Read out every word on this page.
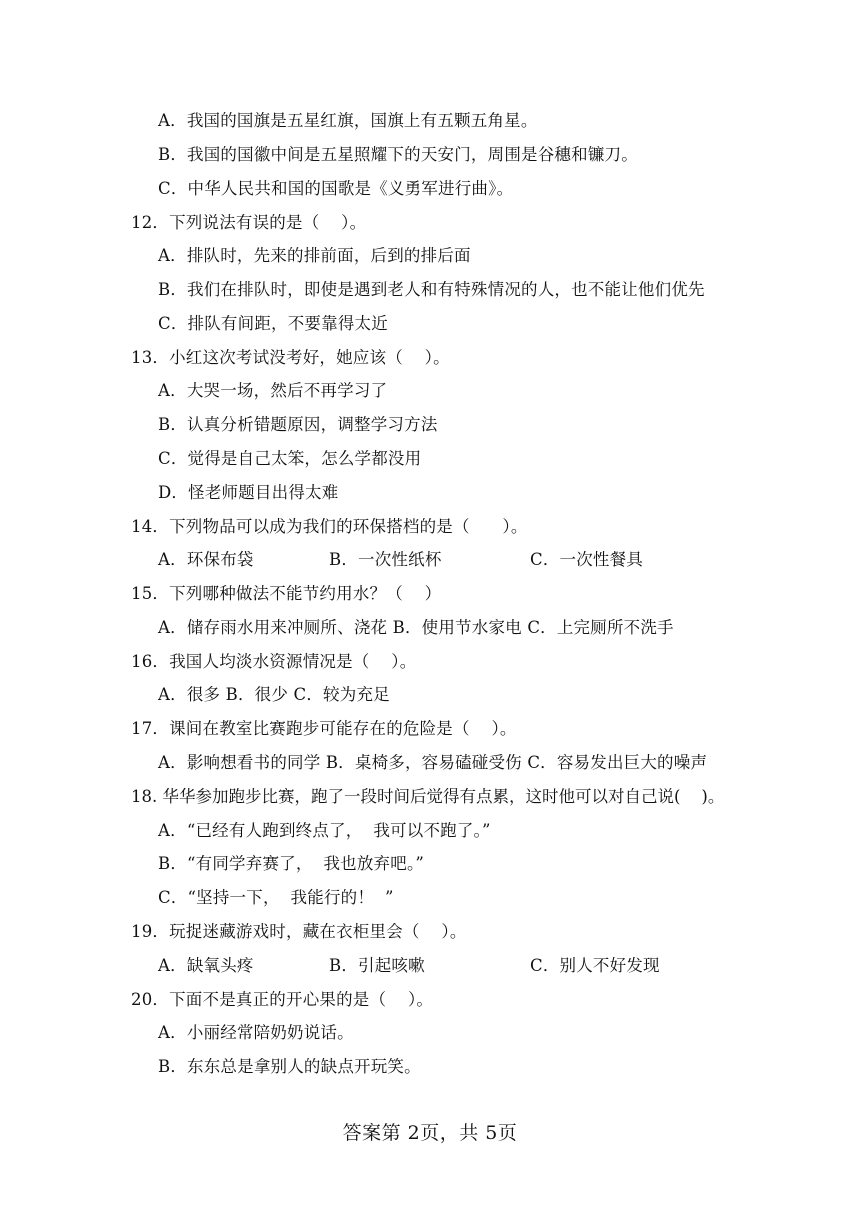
A．我国的国旗是五星红旗，国旗上有五颗五角星。
B．我国的国徽中间是五星照耀下的天安门，周围是谷穗和镰刀。
C．中华人民共和国的国歌是《义勇军进行曲》。
12．下列说法有误的是（    ）。
A．排队时，先来的排前面，后到的排后面
B．我们在排队时，即使是遇到老人和有特殊情况的人，也不能让他们优先
C．排队有间距，不要靠得太近
13．小红这次考试没考好，她应该（    ）。
A．大哭一场，然后不再学习了
B．认真分析错题原因，调整学习方法
C．觉得是自己太笨，怎么学都没用
D．怪老师题目出得太难
14．下列物品可以成为我们的环保搭档的是（      ）。
A．环保布袋	B．一次性纸杯	C．一次性餐具
15．下列哪种做法不能节约用水？（    ）
A．储存雨水用来冲厕所、浇花 B．使用节水家电 C．上完厕所不洗手
16．我国人均淡水资源情况是（    ）。
A．很多 B．很少 C．较为充足
17．课间在教室比赛跑步可能存在的危险是（    ）。
A．影响想看书的同学 B．桌椅多，容易磕碰受伤 C．容易发出巨大的噪声
18. 华华参加跑步比赛，跑了一段时间后觉得有点累，这时他可以对自己说(    )。
A．“已经有人跑到终点了，  我可以不跑了。”
B．“有同学弃赛了，  我也放弃吧。”
C．“坚持一下，  我能行的！  ”
19．玩捉迷藏游戏时，藏在衣柜里会（    ）。
A．缺氧头疼	B．引起咳嗽	C．别人不好发现
20．下面不是真正的开心果的是（    ）。
A．小丽经常陪奶奶说话。
B．东东总是拿别人的缺点开玩笑。
答案第 2页，共 5页
